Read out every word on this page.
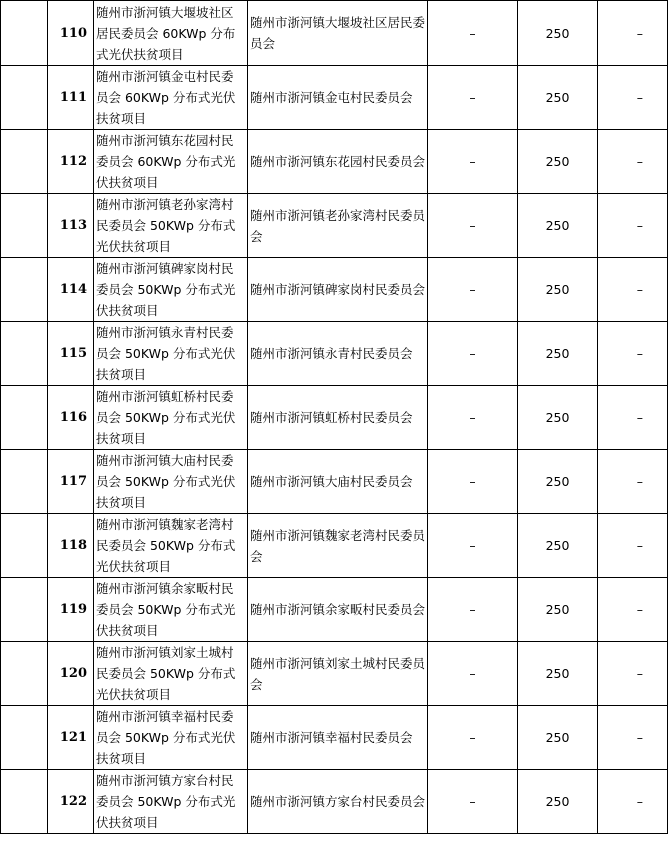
	110	随州市浙河镇大堰坡社区居民委员会 60KWp 分布式光伏扶贫项目	随州市浙河镇大堰坡社区居民委员会	–	250	–
	111	随州市浙河镇金屯村民委员会 60KWp 分布式光伏扶贫项目	随州市浙河镇金屯村民委员会	–	250	–
	112	随州市浙河镇东花园村民委员会 60KWp 分布式光伏扶贫项目	随州市浙河镇东花园村民委员会	–	250	–
	113	随州市浙河镇老孙家湾村民委员会 50KWp 分布式光伏扶贫项目	随州市浙河镇老孙家湾村民委员会	–	250	–
	114	随州市浙河镇碑家岗村民委员会 50KWp 分布式光伏扶贫项目	随州市浙河镇碑家岗村民委员会	–	250	–
	115	随州市浙河镇永青村民委员会 50KWp 分布式光伏扶贫项目	随州市浙河镇永青村民委员会	–	250	–
	116	随州市浙河镇虹桥村民委员会 50KWp 分布式光伏扶贫项目	随州市浙河镇虹桥村民委员会	–	250	–
	117	随州市浙河镇大庙村民委员会 50KWp 分布式光伏扶贫项目	随州市浙河镇大庙村民委员会	–	250	–
	118	随州市浙河镇魏家老湾村民委员会 50KWp 分布式光伏扶贫项目	随州市浙河镇魏家老湾村民委员会	–	250	–
	119	随州市浙河镇余家畈村民委员会 50KWp 分布式光伏扶贫项目	随州市浙河镇余家畈村民委员会	–	250	–
	120	随州市浙河镇刘家土城村民委员会 50KWp 分布式光伏扶贫项目	随州市浙河镇刘家土城村民委员会	–	250	–
	121	随州市浙河镇幸福村民委员会 50KWp 分布式光伏扶贫项目	随州市浙河镇幸福村民委员会	–	250	–
	122	随州市浙河镇方家台村民委员会 50KWp 分布式光伏扶贫项目	随州市浙河镇方家台村民委员会	–	250	–
